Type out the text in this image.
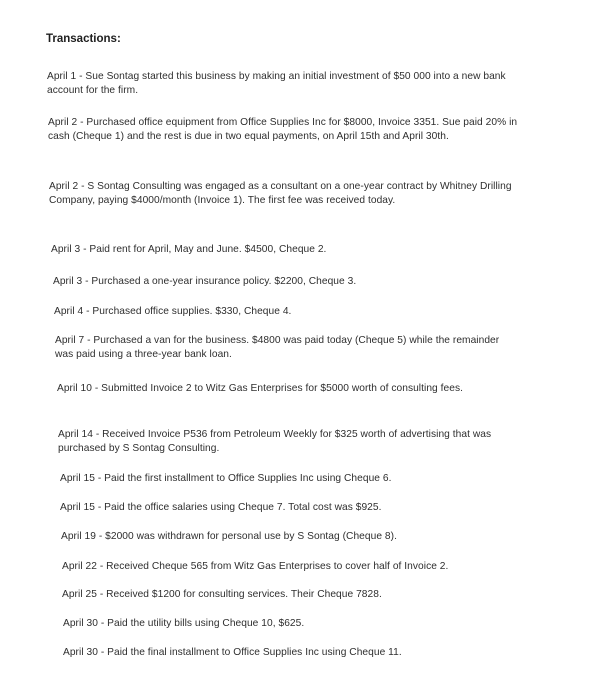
Transactions:

April 1 - Sue Sontag started this business by making an initial investment of $50 000 into a new bank account for the firm.

April 2 - Purchased office equipment from Office Supplies Inc for $8000, Invoice 3351. Sue paid 20% in cash (Cheque 1) and the rest is due in two equal payments, on April 15th and April 30th.

April 2 - S Sontag Consulting was engaged as a consultant on a one-year contract by Whitney Drilling Company, paying $4000/month (Invoice 1). The first fee was received today.

April 3 - Paid rent for April, May and June. $4500, Cheque 2.

April 3 - Purchased a one-year insurance policy. $2200, Cheque 3.

April 4 - Purchased office supplies. $330, Cheque 4.

April 7 - Purchased a van for the business. $4800 was paid today (Cheque 5) while the remainder was paid using a three-year bank loan.

April 10 - Submitted Invoice 2 to Witz Gas Enterprises for $5000 worth of consulting fees.

April 14 - Received Invoice P536 from Petroleum Weekly for $325 worth of advertising that was purchased by S Sontag Consulting.

April 15 - Paid the first installment to Office Supplies Inc using Cheque 6.

April 15 - Paid the office salaries using Cheque 7. Total cost was $925.

April 19 - $2000 was withdrawn for personal use by S Sontag (Cheque 8).

April 22 - Received Cheque 565 from Witz Gas Enterprises to cover half of Invoice 2.

April 25 - Received $1200 for consulting services. Their Cheque 7828.

April 30 - Paid the utility bills using Cheque 10, $625.

April 30 - Paid the final installment to Office Supplies Inc using Cheque 11.
